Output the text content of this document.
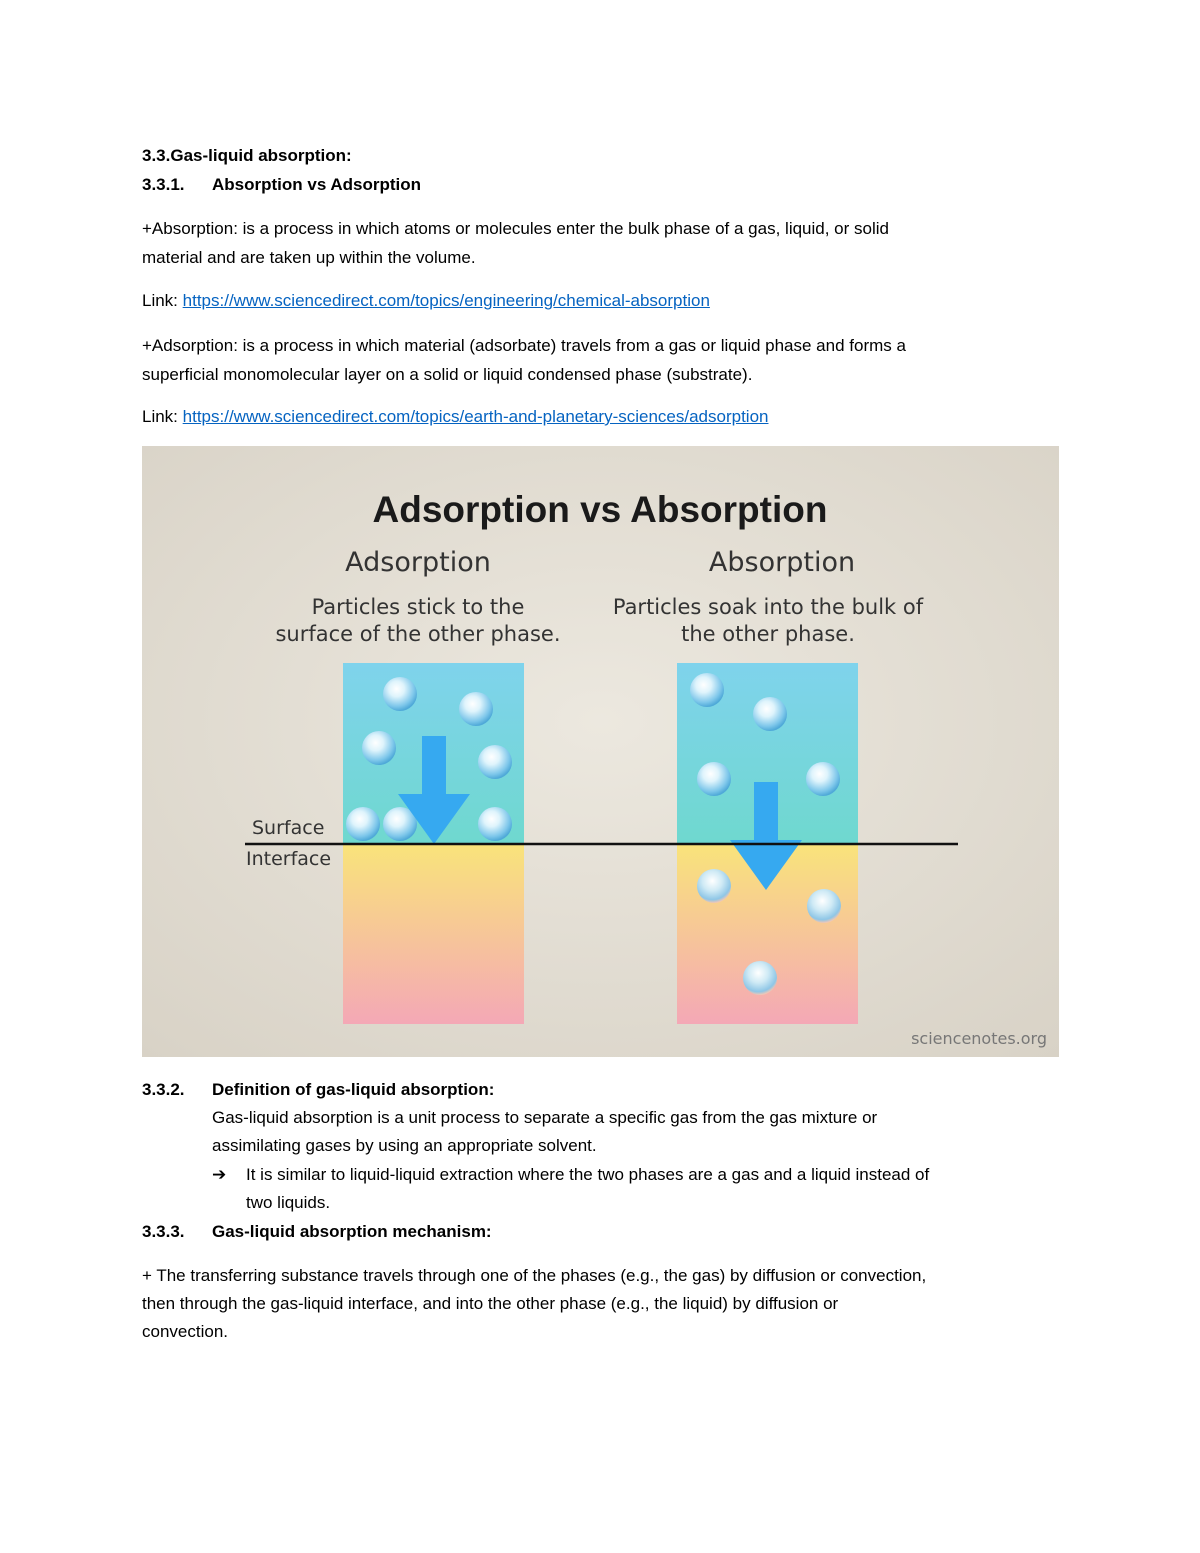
3.3.Gas-liquid absorption:
3.3.1. Absorption vs Adsorption
+Absorption: is a process in which atoms or molecules enter the bulk phase of a gas, liquid, or solid
material and are taken up within the volume.
Link: https://www.sciencedirect.com/topics/engineering/chemical-absorption
+Adsorption: is a process in which material (adsorbate) travels from a gas or liquid phase and forms a
superficial monomolecular layer on a solid or liquid condensed phase (substrate).
Link: https://www.sciencedirect.com/topics/earth-and-planetary-sciences/adsorption
Adsorption vs Absorption
Adsorption
Particles stick to the
surface of the other phase.
Absorption
Particles soak into the bulk of
the other phase.
Surface
Interface
sciencenotes.org
3.3.2. Definition of gas-liquid absorption:
Gas-liquid absorption is a unit process to separate a specific gas from the gas mixture or
assimilating gases by using an appropriate solvent.
➔ It is similar to liquid-liquid extraction where the two phases are a gas and a liquid instead of
two liquids.
3.3.3. Gas-liquid absorption mechanism:
+ The transferring substance travels through one of the phases (e.g., the gas) by diffusion or convection,
then through the gas-liquid interface, and into the other phase (e.g., the liquid) by diffusion or
convection.
